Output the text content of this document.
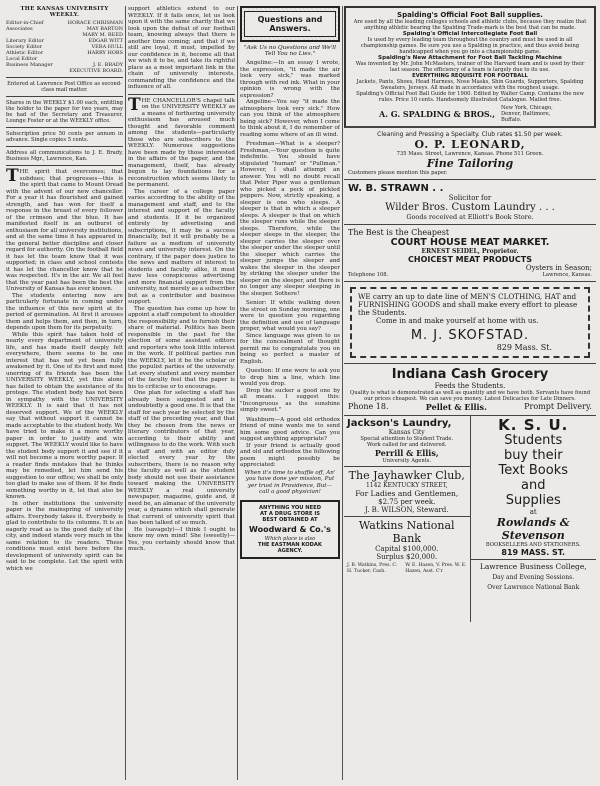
THE KANSAS UNIVERSITY WEEKLY.
Editor-in-Chief	HORACE CHRISMAN
Associates	MAY BARTON
	MARY M. REED
Literary Editor	EDGAR WITT
Society Editor	VERA HULL
Athletic Editor	HARRY HOBS
Local Editor	
Business Manager	J. E. BRADY
	EXECUTIVE BOARD.

Entered at Lawrence Post Office as second-class mail matter.

Shares in the WEEKLY $1.00 each, entitling the holder to the paper for two years, may be had of the Secretary and Treasurer, Lounge Foster or at the WEEKLY office.

Subscription price 50 cents per annum in advance. Single copies 5 cents.

Address all communications to J. E. Brady, Business Mgr., Lawrence, Kan.

THE spirit that overcomes; that subdues; that progresses—this is the spirit that came to Mount Oread with the advent of our new chancellor. For a year it has flourished and gained strength, and has won for itself a response in the breast of every follower of the crimson and the blue. It has manifested itself in an outburst of enthusiasm for all university institutions, and at the same time it has appeared in the general better discipline and closer regard for authority. On the football field it has let the team know that it was supported; in class and school contests it has let the chancellor know that he was respected. It's in the air. We all feel that the year past has been the best the University of Kansas has ever known.

The students entering now are particularly fortunate in coming under the influence of this new spirit at its period of germination. At first it arouses them and helps them, and then, in turn, depends upon them for its perpetuity.

While this spirit has taken hold of nearly every department of university life, and has made itself deeply felt everywhere, there seems to be one interest that has not yet been fully awakened by it. One of its first and most unerring of its friends has been the UNIVERSITY WEEKLY, yet this alone has failed to obtain the assistance of its protege. The student body has not been in sympathy with the UNIVERSITY WEEKLY. It is said that it has not deserved support. We of the WEEKLY say that without support it cannot be made acceptable to the student body. We have tried to make it a more worthy paper in order to justify and win support. The WEEKLY would like to have the student body support it and see if it will not become a more worthy paper. If a reader finds mistakes that he thinks may be remedied, let him send his suggestion to our office; we shall be only too glad to make use of them. If he finds something worthy in it, let that also be known.

In other institutions the university paper is the mainspring of university affairs. Everybody takes it. Everybody is glad to contribute to its columns. It is an eagerly read as is the good daily of the city, and indeed stands very much in the same relation to its readers. These conditions must exist here before the development of university spirit can be said to be complete. Let the spirit with which we

support athletics extend to our WEEKLY. If it fails once, let us look upon it with the same charity that we look upon the defeat of our football team, knowing always that there is another time coming; and that if we still are loyal, it must, impelled by our confidence in it, become all that we wish it to be, and take its rightful place as a most important link in the chain of university interests, commanding the confidence and the influence of all.

THE CHANCELLOR'S chapel talk on the UNIVERSITY WEEKLY as a means of furthering university enthusiasm has aroused much thought and favorable comment among the students—particularly those who are subscribers to the WEEKLY. Numerous suggestions have been made by those interested in the affairs of the paper, and the management, itself, has already begun to lay foundations for a reconstruction which seems likely to be permanent.

The career of a college paper varies according to the ability of the management and staff, and to the interest and support of the faculty and students. If it be organized entirely by advertising and subscriptions, it may be a success financially, but it will probably be a failure as a medium of university news and university interest. On the contrary, if the paper does justice to the news and matters of interest to students and faculty alike, it must have less conspicuous advertising and more financial support from the university, not merely as a subscriber but as a contributor and business support.

The question has come up how to appoint a staff competent to shoulder the responsibility and to furnish their share of material. Politics has been responsible in the past for the election of some assistant editors and reporters who took little interest in the work. If political parties run the WEEKLY, let it be the scholar or the populist parties of the university. Let every student and every member of the faculty feel that the paper is his to criticise or to encourage.

One plan for selecting a staff has already been suggested and is undoubtedly a good one. It is that the staff for each year be selected by the staff of the preceding year, and that they be chosen from the news or literary contributors of that year, according to their ability and willingness to do the work. With such a staff and with an editor duly elected every year by the subscribers, there is no reason why the faculty as well as the student body should not use their assistance toward making the UNIVERSITY WEEKLY a real university newspaper, magazine, guide and, if need be, an almanac of the university year, a dynamo which shall generate that current of university spirit that has been talked of so much.

He (savagely)—I think I ought to know my own mind! She (sweetly)—Yes, you certainly should know that much.

Questions and
Answers.

"Ask Us no Questions and We'll Tell You no Lies."

Angeline:—In an essay I wrote, the expression, "it made the air look very sick," was marked through with red ink. What in your opinion is wrong with the expression?

Angeline—You say "it made the atmosphere look very sick." How can you think of the atmosphere being sick? However, when I come to think about it, I do remember of reading some where of an ill wind.

Freshman—What is a sleeper? Freshman,—Your question is quite indefinite. You should have stipulated "human" or "Pullman." However, I shall attempt an answer. You will no doubt recall that Peter Piper was a gentleman who picked a peck of pickled peppers. Now, strictly speaking, a sleeper is one who sleeps. A sleeper is that in which a sleeper sleeps. A sleeper is that on which the sleeper runs while the sleeper sleeps. Therefore, while the sleeper sleeps in the sleeper, the sleeper carries the sleeper over the sleeper under the sleeper until the sleeper which carries the sleeper jumps the sleeper and wakes the sleeper in the sleeper by striking the sleeper under the sleeper on the sleeper, and there is no longer any sleeper sleeping in the sleeper. Sothere!

Senior: If while walking down the street on Sunday morning, one were to question you regarding the definition and use of language proper, what would you say?

Since language was given to us for the concealment of thought permit me to congratulate you on being so perfect a master of English.

Question: If one were to ask you to drop him a line, which line would you drop.

Drop the sucker a good one by all means. I suggest this: "Incongruous as the sunshine simply sweet."

Washburn—A good old orthodox friend of mine wants me to send him some good advice. Can you suggest anything appropriate?

If your friend is actually good and old and orthodox the following poem might possibly be appreciated:

When it's time to shuffle off, An' you have done yer mission, Put yer trust in Providence, But—call a good physician!

ANYTHING YOU NEED
AT A DRUG STORE IS
BEST OBTAINED AT
Woodward & Co.'s
Which place is also
THE EASTMAN KODAK
AGENCY.
Spalding's Official Foot Ball supplies.

Are used by all the leading colleges schools and athletic clubs, because they realize that anything athletic bearing the Spalding Trade-mark is the best that can be made.

Spalding's Official Intercollegiate Foot Ball

Is used by every leading team throughout the country and must be used in all championship games. Be sure you use a Spalding in practice, and thus avoid being handicapped when you go into a championship game.

Spalding's New Attachment for Foot Ball Tackling Machine

Was invented by Mr. John McMasters, trainer of the Harvard team and is used by their last season. The efficiency of a team is largely due to its use.

EVERYTHING REQUISITE FOR FOOTBALL

Jackets, Pants, Shoes, Head Harness, Nose Masks, Shin Guards, Supporters, Spalding Sweaters, Jerseys. All made in accordance with the roughest usage.

Spalding's Official Foot Ball Guide for 1900. Edited by Walter Camp. Contains the new rules. Price 10 cents. Handsomely illustrated Catalogue. Mailed free.

A. G. SPALDING & BROS.,
New York, Chicago, Denver, Baltimore, Buffalo.
Cleaning and Pressing a Specialty. Club rates $1.50 per week.
O. P. LEONARD,
735 Mass. Street, Lawrence, Kansas. Phone 511 Green.
Fine Tailoring
Customers please mention this paper.
W. B. STRAWN . .
Solicitor for
Wilder Bros. Custom Laundry . . .
Goods received at Elliott's Book Store.
The Best is the Cheapest
COURT HOUSE MEAT MARKET.
ERNEST SEIDEL, Proprietor.
CHOICEST MEAT PRODUCTS
Oysters in Season;
Telephone 108.	Lawrence, Kansas.
WE carry an up to date line of MEN'S CLOTHING, HAT and FURNISHING GOODS and shall make every effort to please the Students.
Come in and make yourself at home with us.
M. J. SKOFSTAD.
829 Mass. St.
Indiana Cash Grocery
Feeds the Students.

Quality is what is demonstrated as well as quantity and we have both. Servants have found our prices cheapest. We can save you money. Latest Delicacies for Late Dinners.

Phone 18.	Pellet & Ellis.	Prompt Delivery.
Jackson's Laundry,
Kansas City
Special attention to Student Trade.
Work called for and delivered.
Perrill & Ellis,
University Agents.
The Jayhawker Club,
1142 KENTUCKY STREET,
For Ladies and Gentlemen,
$2.75 per week.
J. B. WILSON, Steward.
Watkins National Bank
Capital $100,000.
Surplus $20,000.
J. B. Watkins, Pres. C. H. Tucker, Cash.
W. E. Hazen, V. Pres. W. E. Hazen, Asst. C'r
K. S. U.
Students
buy their
Text Books
and
Supplies
at
Rowlands & Stevenson
BOOKSELLERS AND STATIONERS.
819 MASS. ST.
Lawrence Business College,
Day and Evening Sessions.
Over Lawrence National Bank
